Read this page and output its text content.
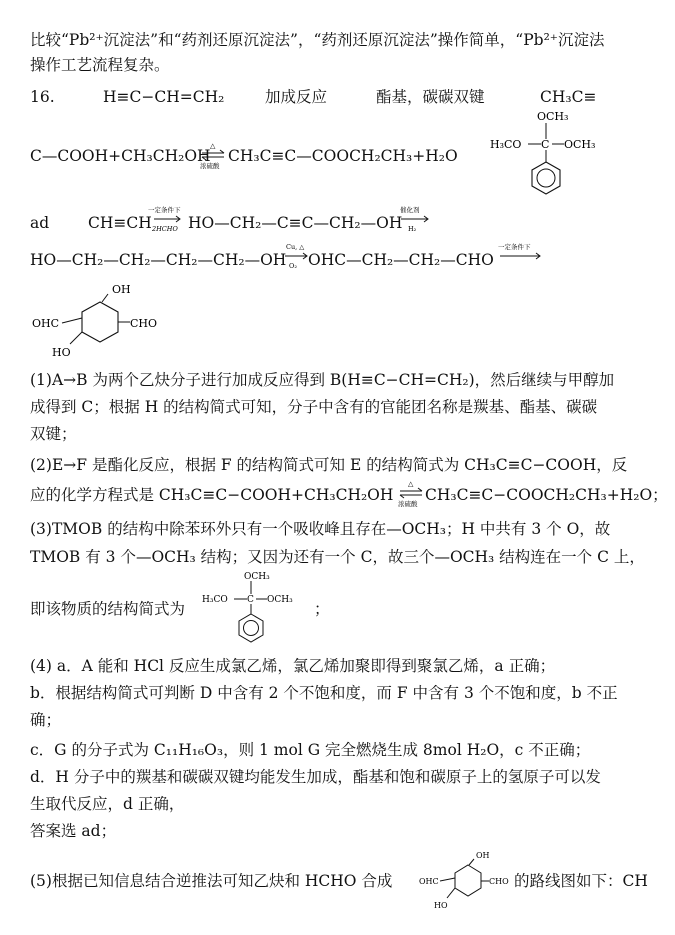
比较“Pb²⁺沉淀法”和“药剂还原沉淀法”，“药剂还原沉淀法”操作简单，“Pb²⁺沉淀法
操作工艺流程复杂。
16.	H≡C−CH=CH₂	加成反应	酯基，碳碳双键	CH₃C≡
OCH₃
H₃CO C OCH₃
C—COOH+CH₃CH₂OH
△
浓硫酸
CH₃C≡C—COOCH₂CH₃+H₂O
ad	CH≡CH
一定条件下
2HCHO HO—CH₂—C≡C—CH₂—OH
催化剂
H₂
HO—CH₂—CH₂—CH₂—CH₂—OH
Cu, △
O₂ OHC—CH₂—CH₂—CHO
一定条件下
OH
OHC	CHO
HO
(1)A→B 为两个乙炔分子进行加成反应得到 B(H≡C−CH=CH₂)，然后继续与甲醇加
成得到 C；根据 H 的结构简式可知，分子中含有的官能团名称是羰基、酯基、碳碳
双键；
(2)E→F 是酯化反应，根据 F 的结构简式可知 E 的结构简式为 CH₃C≡C−COOH，反
应的化学方程式是 CH₃C≡C−COOH+CH₃CH₂OH
△
浓硫酸 CH₃C≡C−COOCH₂CH₃+H₂O；
(3)TMOB 的结构中除苯环外只有一个吸收峰且存在—OCH₃；H 中共有 3 个 O，故
TMOB 有 3 个—OCH₃ 结构；又因为还有一个 C，故三个—OCH₃ 结构连在一个 C 上，
即该物质的结构简式为
OCH₃
H₃CO C OCH₃ ；
(4) a．A 能和 HCl 反应生成氯乙烯，氯乙烯加聚即得到聚氯乙烯，a 正确；
b．根据结构简式可判断 D 中含有 2 个不饱和度，而 F 中含有 3 个不饱和度，b 不正
确；
c．G 的分子式为 C₁₁H₁₆O₃，则 1 mol G 完全燃烧生成 8mol H₂O，c 不正确；
d．H 分子中的羰基和碳碳双键均能发生加成，酯基和饱和碳原子上的氢原子可以发
生取代反应，d 正确，
答案选 ad；
(5)根据已知信息结合逆推法可知乙炔和 HCHO 合成
OH
OHC	CHO
HO
的路线图如下：CH
